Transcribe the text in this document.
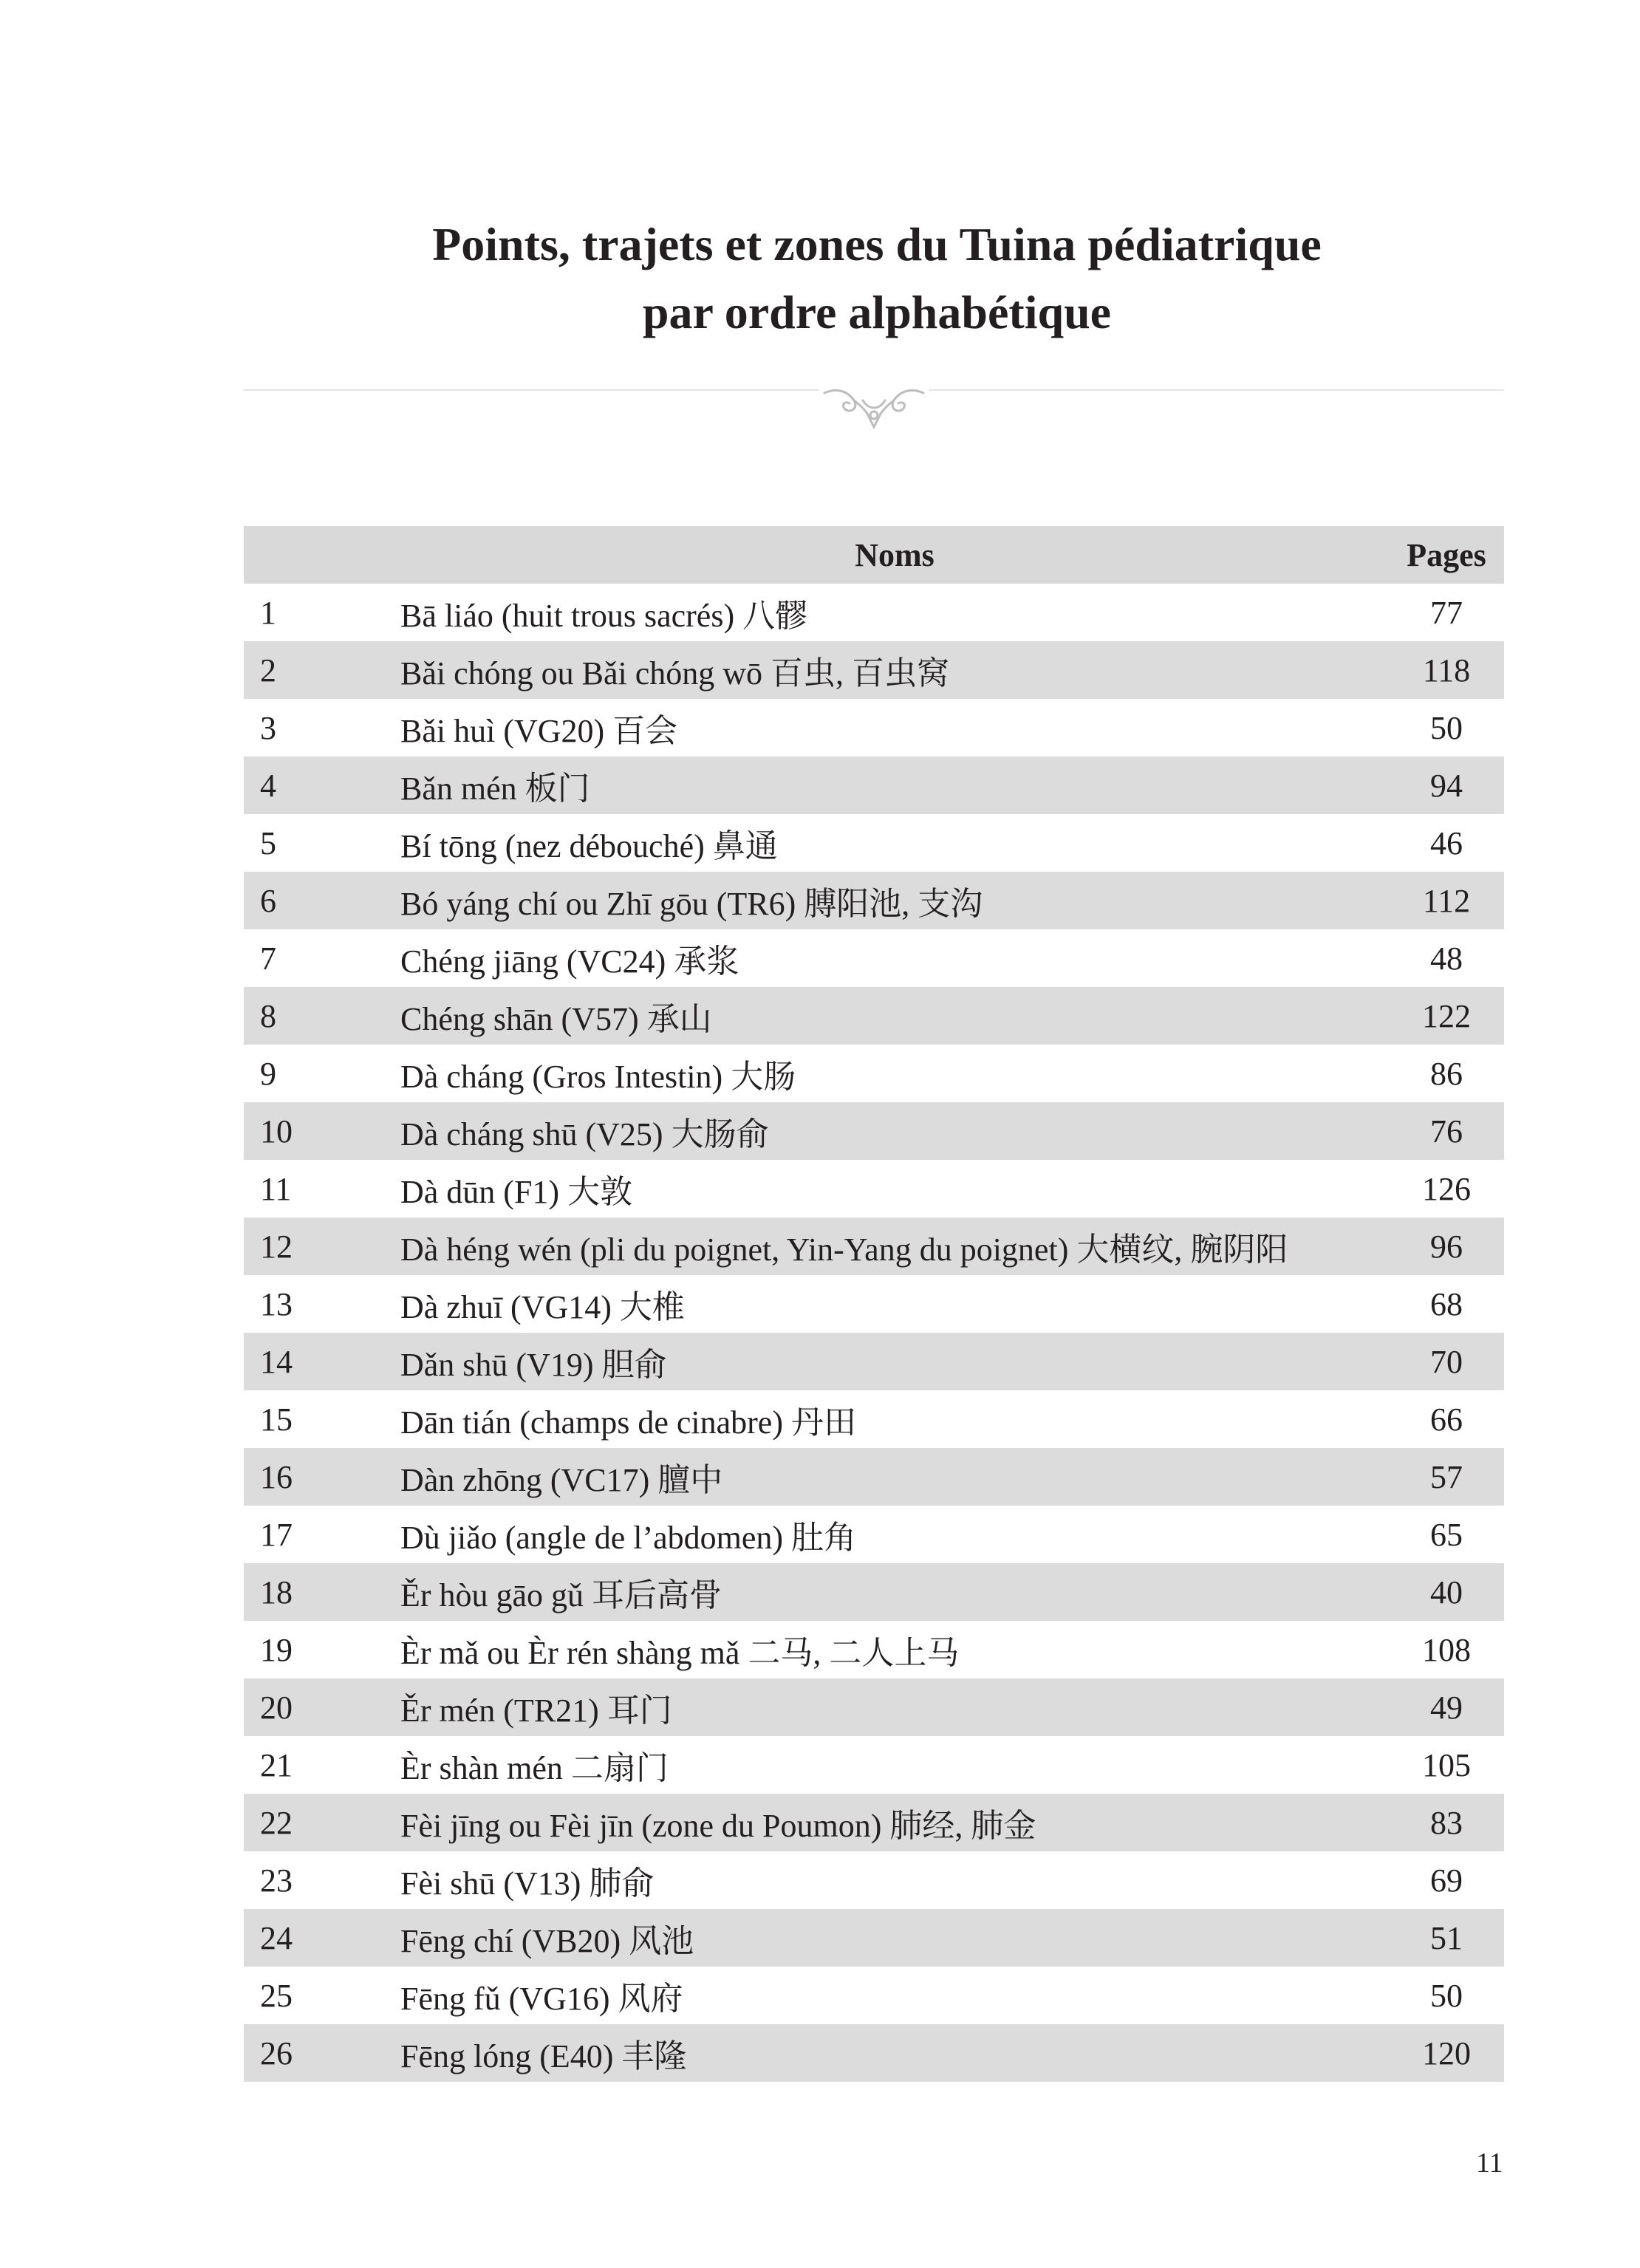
Points, trajets et zones du Tuina pédiatrique
par ordre alphabétique
	Noms	Pages
1	Bā liáo (huit trous sacrés) 八髎	77
2	Bǎi chóng ou Bǎi chóng wō 百虫, 百虫窝	118
3	Bǎi huì (VG20) 百会	50
4	Bǎn mén 板门	94
5	Bí tōng (nez débouché) 鼻通	46
6	Bó yáng chí ou Zhī gōu (TR6) 膊阳池, 支沟	112
7	Chéng jiāng (VC24) 承浆	48
8	Chéng shān (V57) 承山	122
9	Dà cháng (Gros Intestin) 大肠	86
10	Dà cháng shū (V25) 大肠俞	76
11	Dà dūn (F1) 大敦	126
12	Dà héng wén (pli du poignet, Yin-Yang du poignet) 大横纹, 腕阴阳	96
13	Dà zhuī (VG14) 大椎	68
14	Dǎn shū (V19) 胆俞	70
15	Dān tián (champs de cinabre) 丹田	66
16	Dàn zhōng (VC17) 膻中	57
17	Dù jiǎo (angle de l’abdomen) 肚角	65
18	Ěr hòu gāo gǔ 耳后高骨	40
19	Èr mǎ ou Èr rén shàng mǎ 二马, 二人上马	108
20	Ěr mén (TR21) 耳门	49
21	Èr shàn mén 二扇门	105
22	Fèi jīng ou Fèi jīn (zone du Poumon) 肺经, 肺金	83
23	Fèi shū (V13) 肺俞	69
24	Fēng chí (VB20) 风池	51
25	Fēng fǔ (VG16) 风府	50
26	Fēng lóng (E40) 丰隆	120
11
